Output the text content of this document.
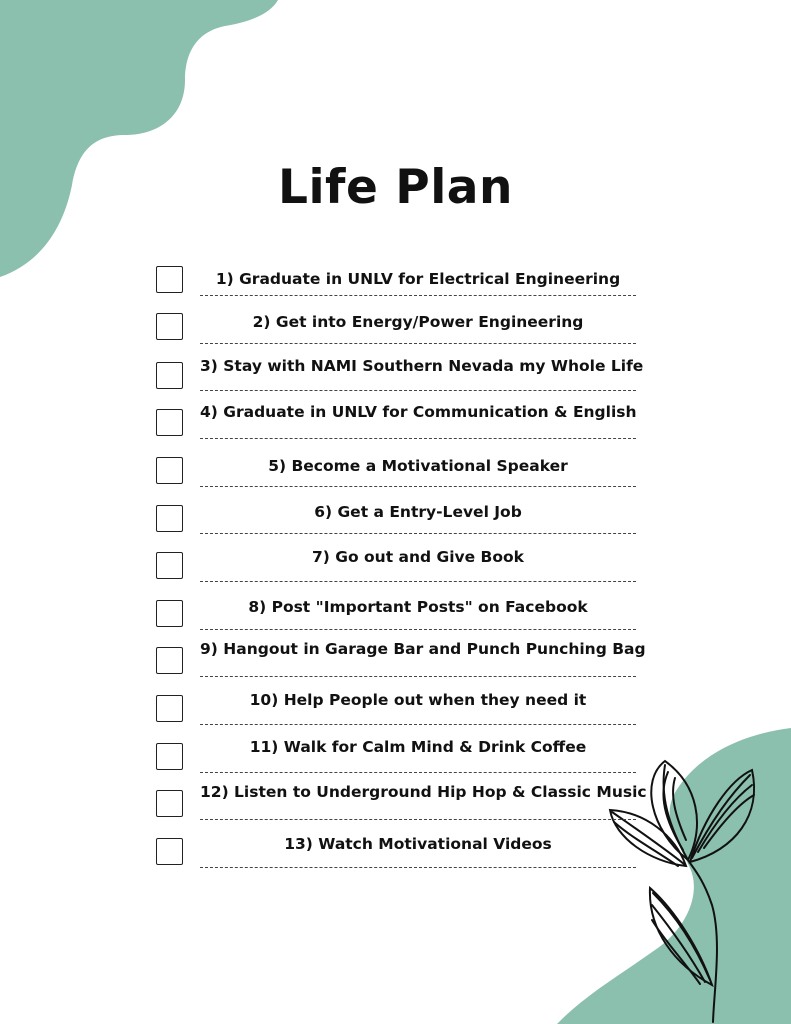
Life Plan
1) Graduate in UNLV for Electrical Engineering
2) Get into Energy/Power Engineering
3) Stay with NAMI Southern Nevada my Whole Life
4) Graduate in UNLV for Communication & English
5) Become a Motivational Speaker
6) Get a Entry-Level Job
7) Go out and Give Book
8) Post "Important Posts" on Facebook
9) Hangout in Garage Bar and Punch Punching Bag
10) Help People out when they need it
11) Walk for Calm Mind & Drink Coffee
12) Listen to Underground Hip Hop & Classic Music
13) Watch Motivational Videos
